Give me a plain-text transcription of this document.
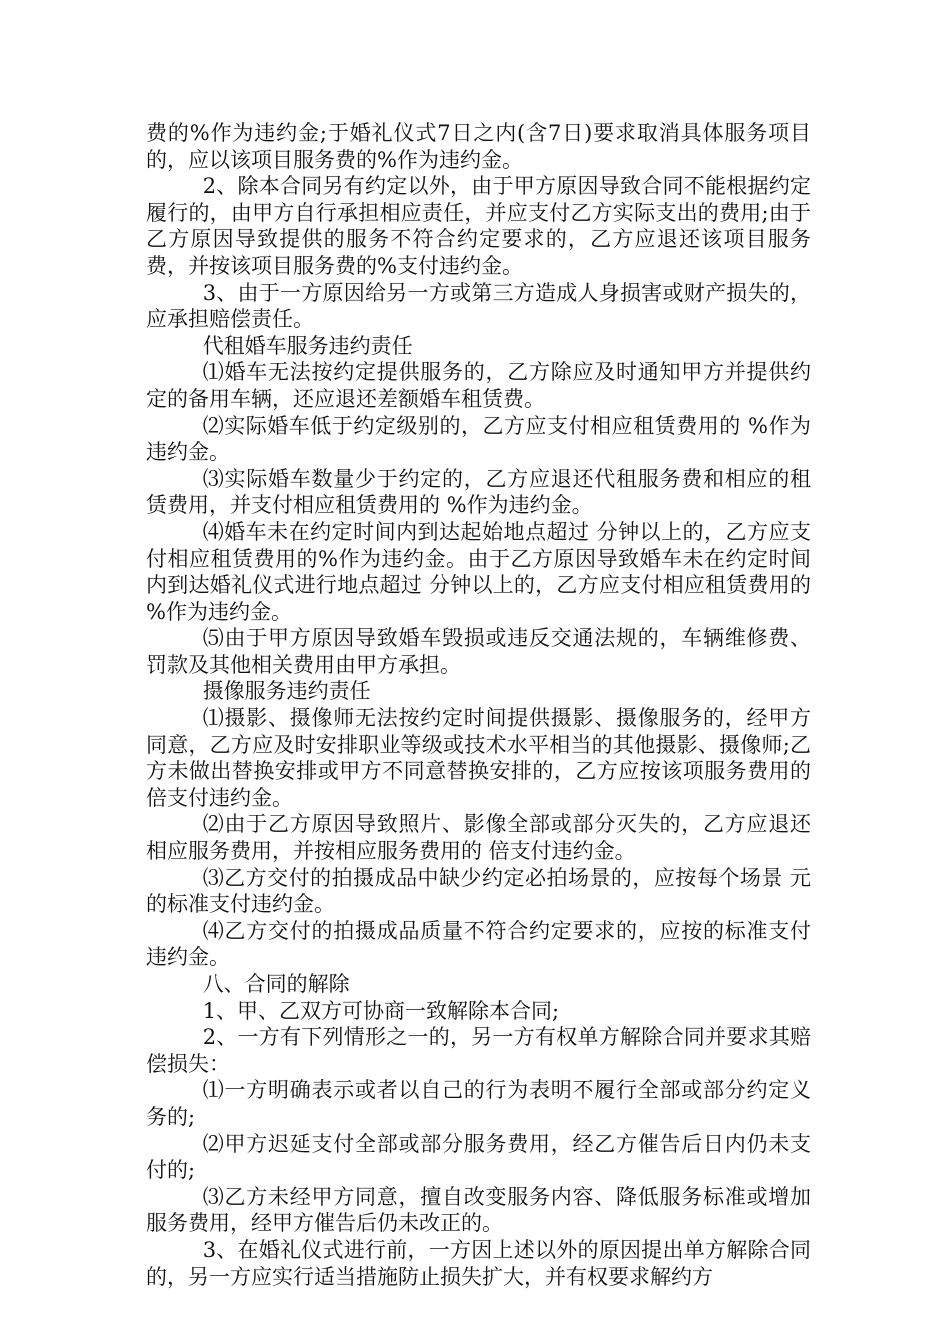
费的%作为违约金;于婚礼仪式7日之内(含7日)要求取消具体服务项目的，应以该项目服务费的%作为违约金。

2、除本合同另有约定以外，由于甲方原因导致合同不能根据约定履行的，由甲方自行承担相应责任，并应支付乙方实际支出的费用;由于乙方原因导致提供的服务不符合约定要求的，乙方应退还该项目服务费，并按该项目服务费的%支付违约金。

3、由于一方原因给另一方或第三方造成人身损害或财产损失的，应承担赔偿责任。

代租婚车服务违约责任

⑴婚车无法按约定提供服务的，乙方除应及时通知甲方并提供约定的备用车辆，还应退还差额婚车租赁费。

⑵实际婚车低于约定级别的，乙方应支付相应租赁费用的 %作为违约金。

⑶实际婚车数量少于约定的，乙方应退还代租服务费和相应的租赁费用，并支付相应租赁费用的 %作为违约金。

⑷婚车未在约定时间内到达起始地点超过 分钟以上的，乙方应支付相应租赁费用的%作为违约金。由于乙方原因导致婚车未在约定时间内到达婚礼仪式进行地点超过 分钟以上的，乙方应支付相应租赁费用的 %作为违约金。

⑸由于甲方原因导致婚车毁损或违反交通法规的，车辆维修费、罚款及其他相关费用由甲方承担。

摄像服务违约责任

⑴摄影、摄像师无法按约定时间提供摄影、摄像服务的，经甲方同意，乙方应及时安排职业等级或技术水平相当的其他摄影、摄像师;乙方未做出替换安排或甲方不同意替换安排的，乙方应按该项服务费用的倍支付违约金。

⑵由于乙方原因导致照片、影像全部或部分灭失的，乙方应退还相应服务费用，并按相应服务费用的 倍支付违约金。

⑶乙方交付的拍摄成品中缺少约定必拍场景的，应按每个场景 元的标准支付违约金。

⑷乙方交付的拍摄成品质量不符合约定要求的，应按的标准支付违约金。

八、合同的解除

1、甲、乙双方可协商一致解除本合同;

2、一方有下列情形之一的，另一方有权单方解除合同并要求其赔偿损失：

⑴一方明确表示或者以自己的行为表明不履行全部或部分约定义务的;

⑵甲方迟延支付全部或部分服务费用，经乙方催告后日内仍未支付的;

⑶乙方未经甲方同意，擅自改变服务内容、降低服务标准或增加服务费用，经甲方催告后仍未改正的。

3、在婚礼仪式进行前，一方因上述以外的原因提出单方解除合同的，另一方应实行适当措施防止损失扩大，并有权要求解约方
